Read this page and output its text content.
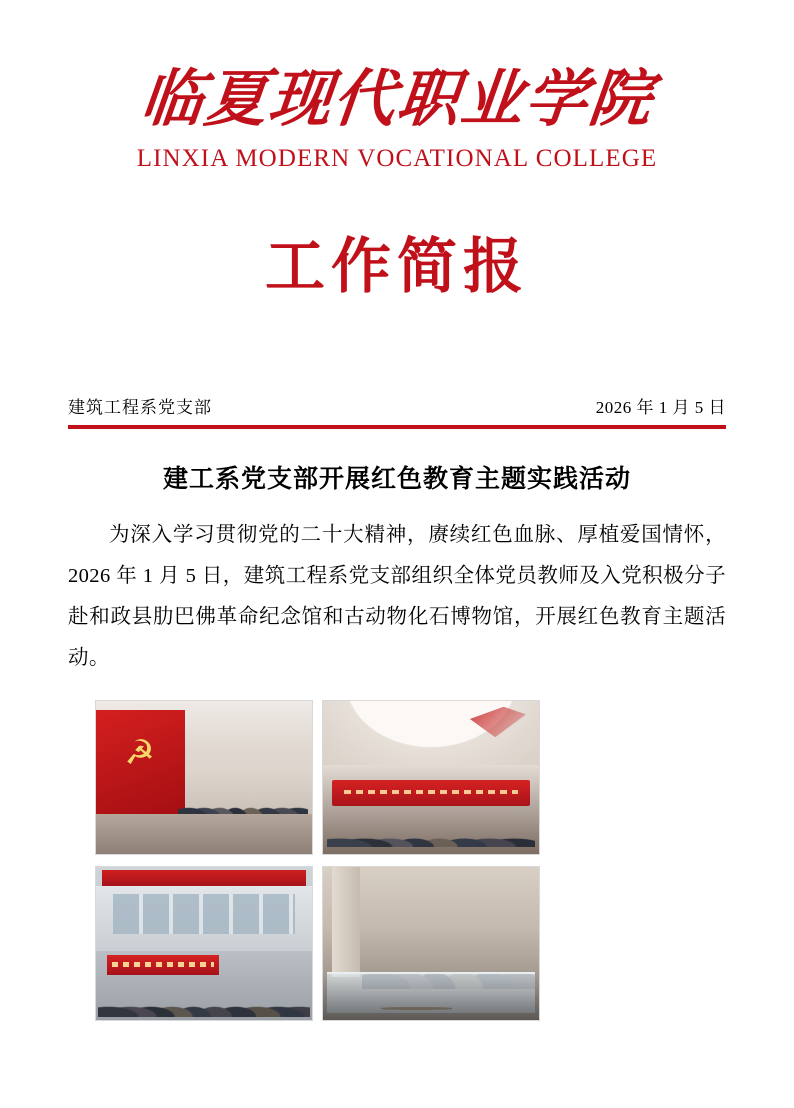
临夏现代职业学院
LINXIA MODERN VOCATIONAL COLLEGE
工作简报
建筑工程系党支部	2026 年 1 月 5 日
建工系党支部开展红色教育主题实践活动

为深入学习贯彻党的二十大精神，赓续红色血脉、厚植爱国情怀，2026 年 1 月 5 日，建筑工程系党支部组织全体党员教师及入党积极分子赴和政县肋巴佛革命纪念馆和古动物化石博物馆，开展红色教育主题活动。

☭
